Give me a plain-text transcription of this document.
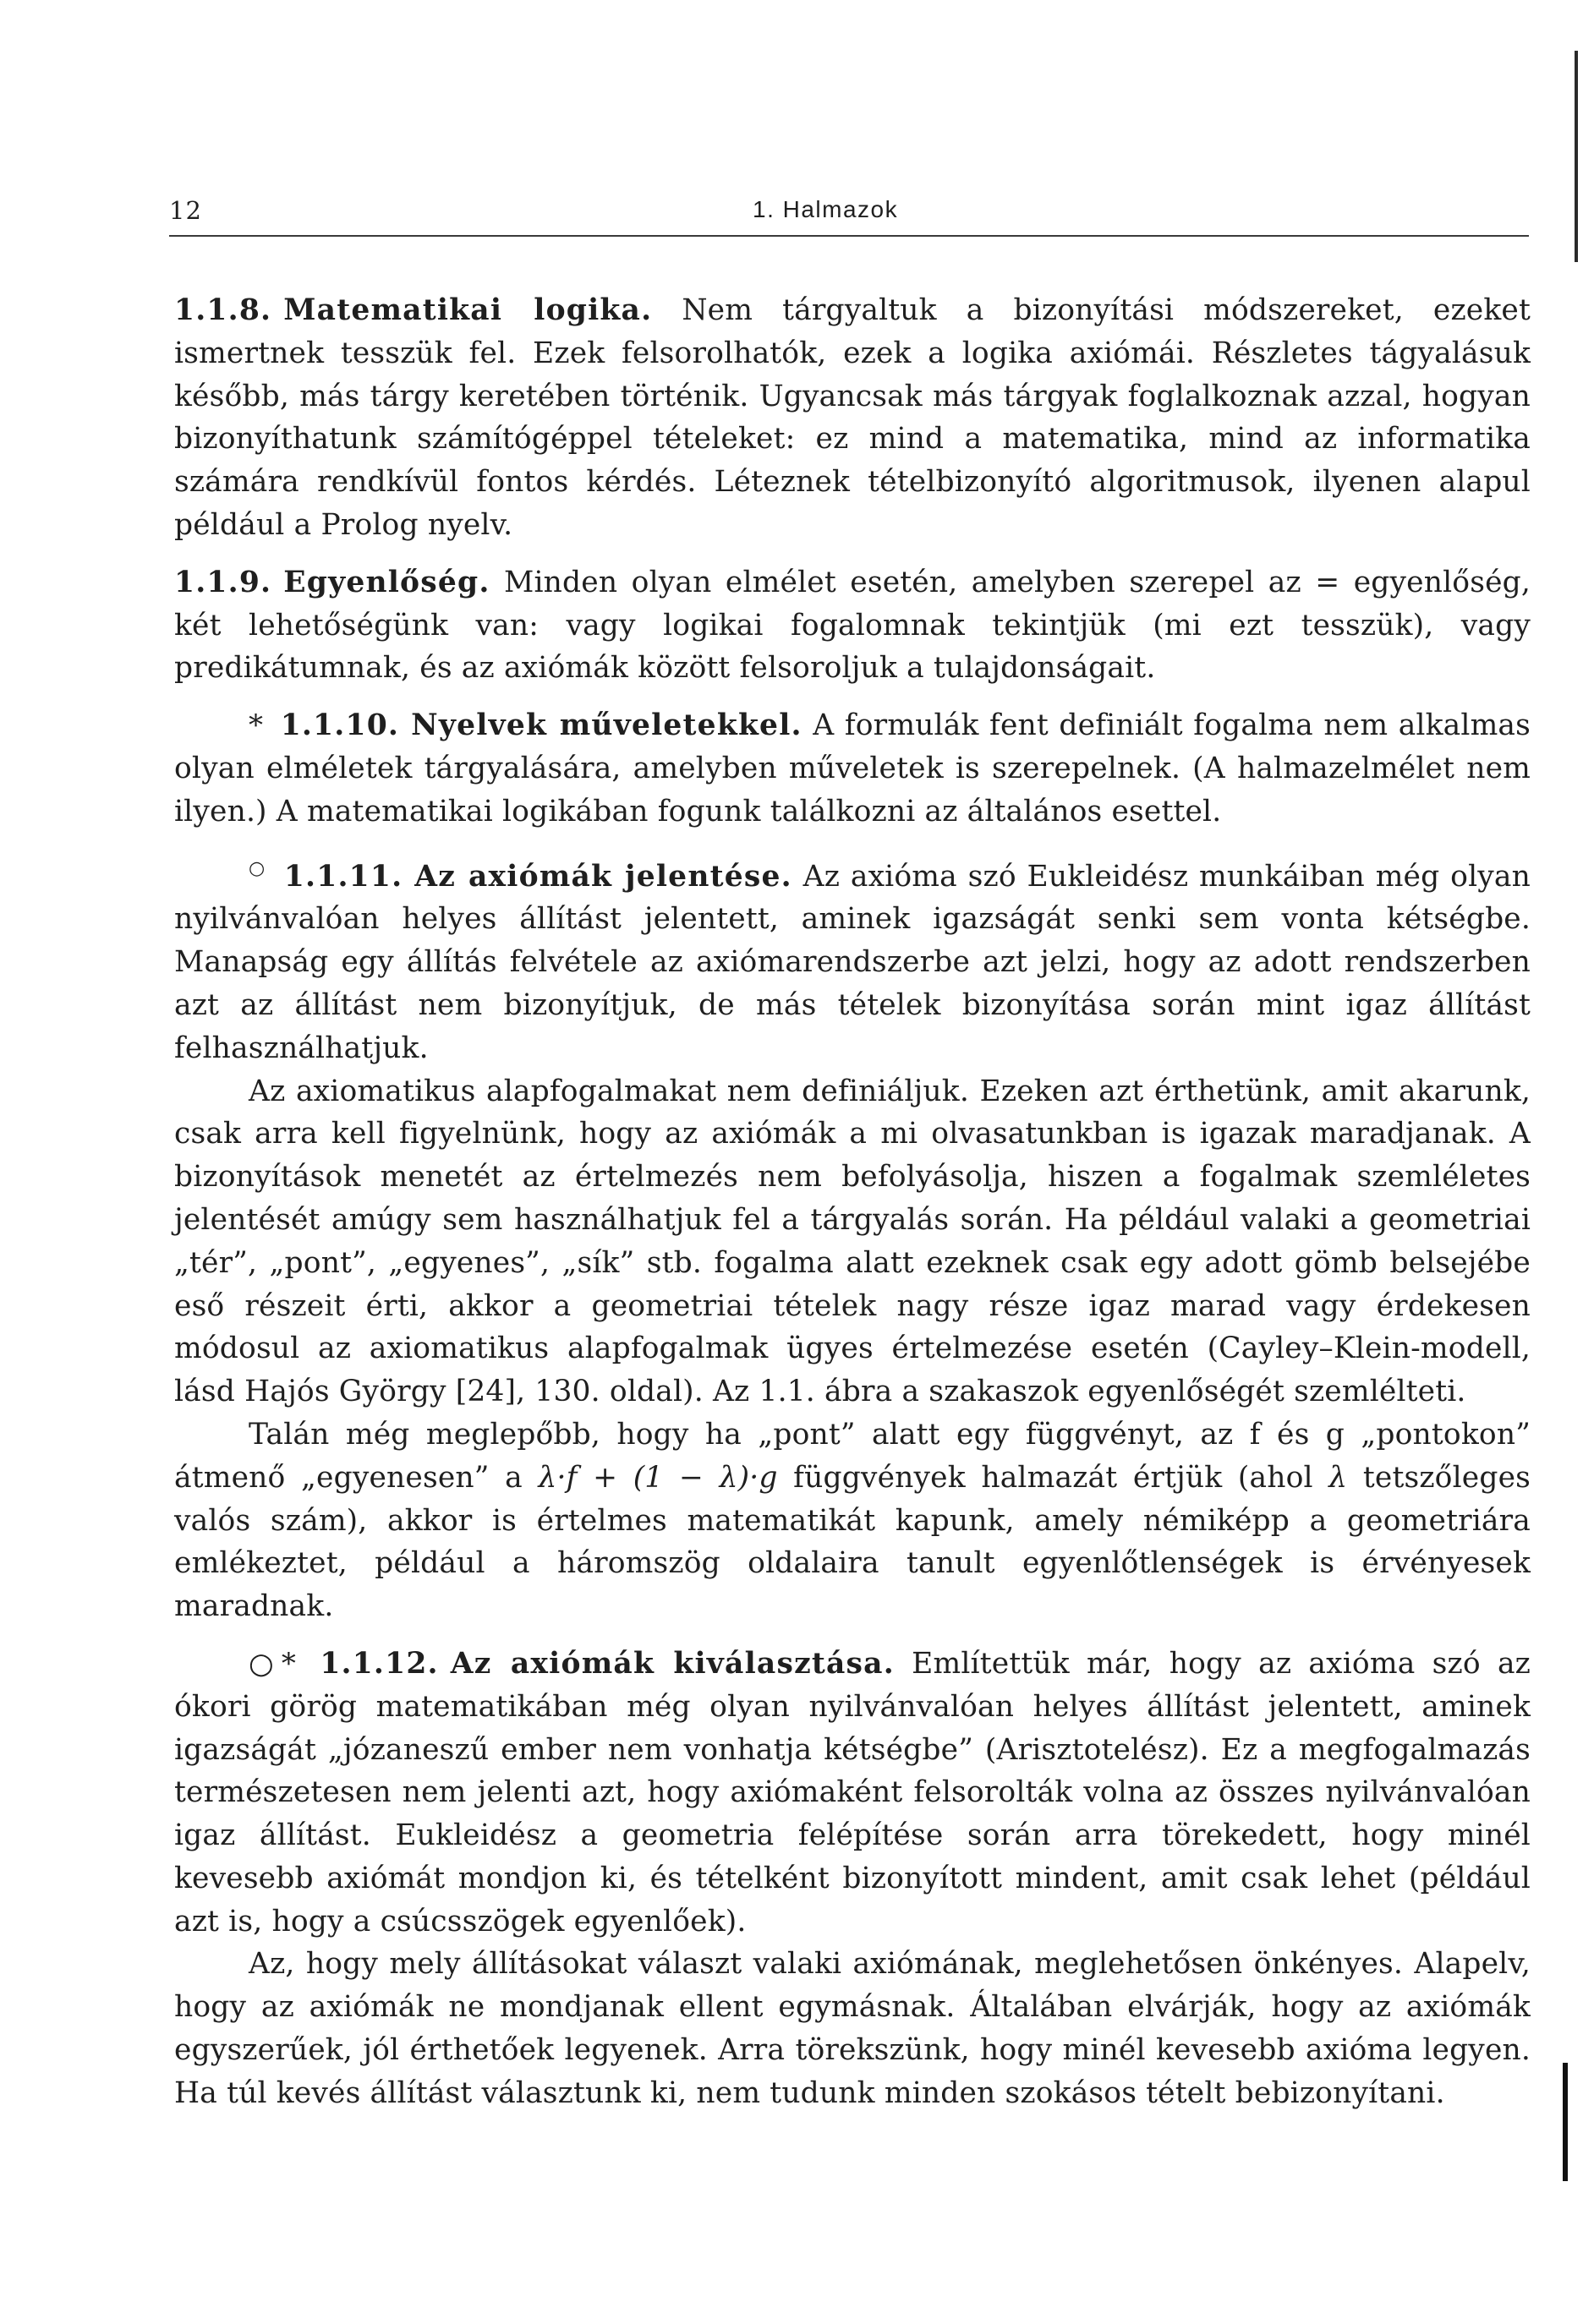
12	1. Halmazok

1.1.8. Matematikai logika. Nem tárgyaltuk a bizonyítási módszereket, ezeket ismertnek tesszük fel. Ezek felsorolhatók, ezek a logika axiómái. Részletes tágyalásuk később, más tárgy keretében történik. Ugyancsak más tárgyak foglalkoznak azzal, hogyan bizonyíthatunk számítógéppel tételeket: ez mind a matematika, mind az informatika számára rendkívül fontos kérdés. Léteznek tételbizonyító algoritmusok, ilyenen alapul például a Prolog nyelv.

1.1.9. Egyenlőség. Minden olyan elmélet esetén, amelyben szerepel az = egyenlőség, két lehetőségünk van: vagy logikai fogalomnak tekintjük (mi ezt tesszük), vagy predikátumnak, és az axiómák között felsoroljuk a tulajdonságait.

* 1.1.10. Nyelvek műveletekkel. A formulák fent definiált fogalma nem alkalmas olyan elméletek tárgyalására, amelyben műveletek is szerepelnek. (A halmazelmélet nem ilyen.) A matematikai logikában fogunk találkozni az általános esettel.

○ 1.1.11. Az axiómák jelentése. Az axióma szó Eukleidész munkáiban még olyan nyilvánvalóan helyes állítást jelentett, aminek igazságát senki sem vonta kétségbe. Manapság egy állítás felvétele az axiómarendszerbe azt jelzi, hogy az adott rendszerben azt az állítást nem bizonyítjuk, de más tételek bizonyítása során mint igaz állítást felhasználhatjuk.

Az axiomatikus alapfogalmakat nem definiáljuk. Ezeken azt érthetünk, amit akarunk, csak arra kell figyelnünk, hogy az axiómák a mi olvasatunkban is igazak maradjanak. A bizonyítások menetét az értelmezés nem befolyásolja, hiszen a fogalmak szemléletes jelentését amúgy sem használhatjuk fel a tárgyalás során. Ha például valaki a geometriai „tér”, „pont”, „egyenes”, „sík” stb. fogalma alatt ezeknek csak egy adott gömb belsejébe eső részeit érti, akkor a geometriai tételek nagy része igaz marad vagy érdekesen módosul az axiomatikus alapfogalmak ügyes értelmezése esetén (Cayley–Klein-modell, lásd Hajós György [24], 130. oldal). Az 1.1. ábra a szakaszok egyenlőségét szemlélteti.

Talán még meglepőbb, hogy ha „pont” alatt egy függvényt, az f és g „pontokon” átmenő „egyenesen” a λ·f + (1 − λ)·g függvények halmazát értjük (ahol λ tetszőleges valós szám), akkor is értelmes matematikát kapunk, amely némiképp a geometriára emlékeztet, például a háromszög oldalaira tanult egyenlőtlenségek is érvényesek maradnak.

○* 1.1.12. Az axiómák kiválasztása. Említettük már, hogy az axióma szó az ókori görög matematikában még olyan nyilvánvalóan helyes állítást jelentett, aminek igazságát „józaneszű ember nem vonhatja kétségbe” (Arisztotelész). Ez a megfogalmazás természetesen nem jelenti azt, hogy axiómaként felsorolták volna az összes nyilvánvalóan igaz állítást. Eukleidész a geometria felépítése során arra törekedett, hogy minél kevesebb axiómát mondjon ki, és tételként bizonyított mindent, amit csak lehet (például azt is, hogy a csúcsszögek egyenlőek).

Az, hogy mely állításokat választ valaki axiómának, meglehetősen önkényes. Alapelv, hogy az axiómák ne mondjanak ellent egymásnak. Általában elvárják, hogy az axiómák egyszerűek, jól érthetőek legyenek. Arra törekszünk, hogy minél kevesebb axióma legyen. Ha túl kevés állítást választunk ki, nem tudunk minden szokásos tételt bebizonyítani.
